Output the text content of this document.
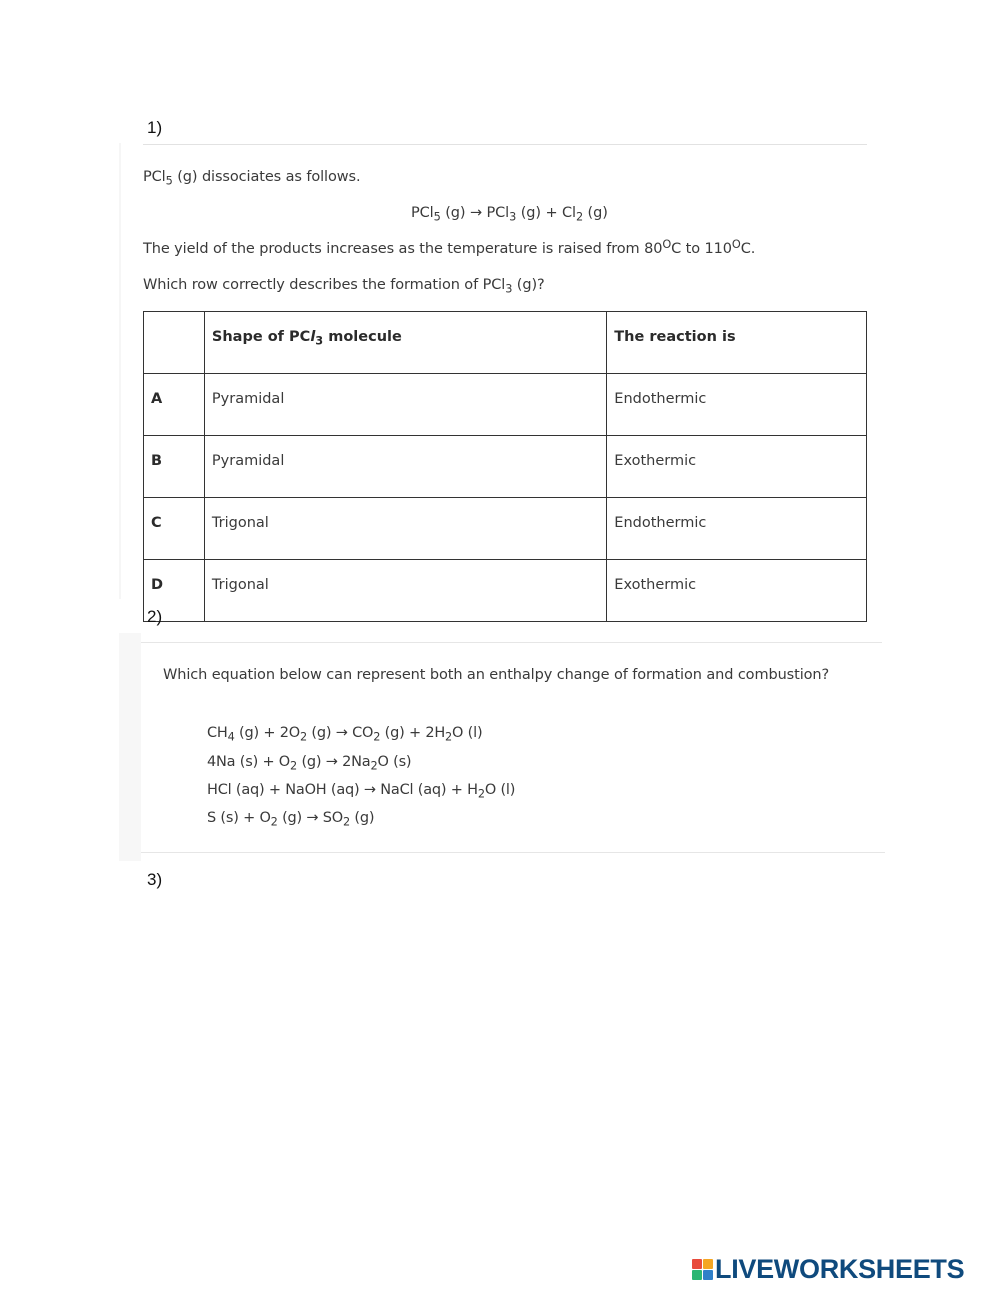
1)
PCl$_5$ (g) dissociates as follows.
PCl$_5$ (g) → PCl$_3$ $(g) + Cl_2$ (g)
The yield of the products increases as the temperature is raised from $80^OC$ to $110^OC$.
Which row correctly describes the formation of PCl$_3$ (g)?
	Shape of PCl$_3$ molecule	The reaction is
A	Pyramidal	Endothermic
B	Pyramidal	Exothermic
C	Trigonal	Endothermic
D	Trigonal	Exothermic
2)
Which equation below can represent both an enthalpy change of formation and combustion?
$CH_4$ $(g) + 2O_2$ $(g) \to CO_2$ $(g) + 2H_2O$ (l)
4Na $(s) + O_2$ $(g) \to 2Na_2O$ (s)
HCl (aq) + NaOH (aq) → NaCl $(aq) + H_2O$ (l)
S $(s) + O_2$ $(g) \to SO_2$ (g)
3)
LIVEWORKSHEETS
